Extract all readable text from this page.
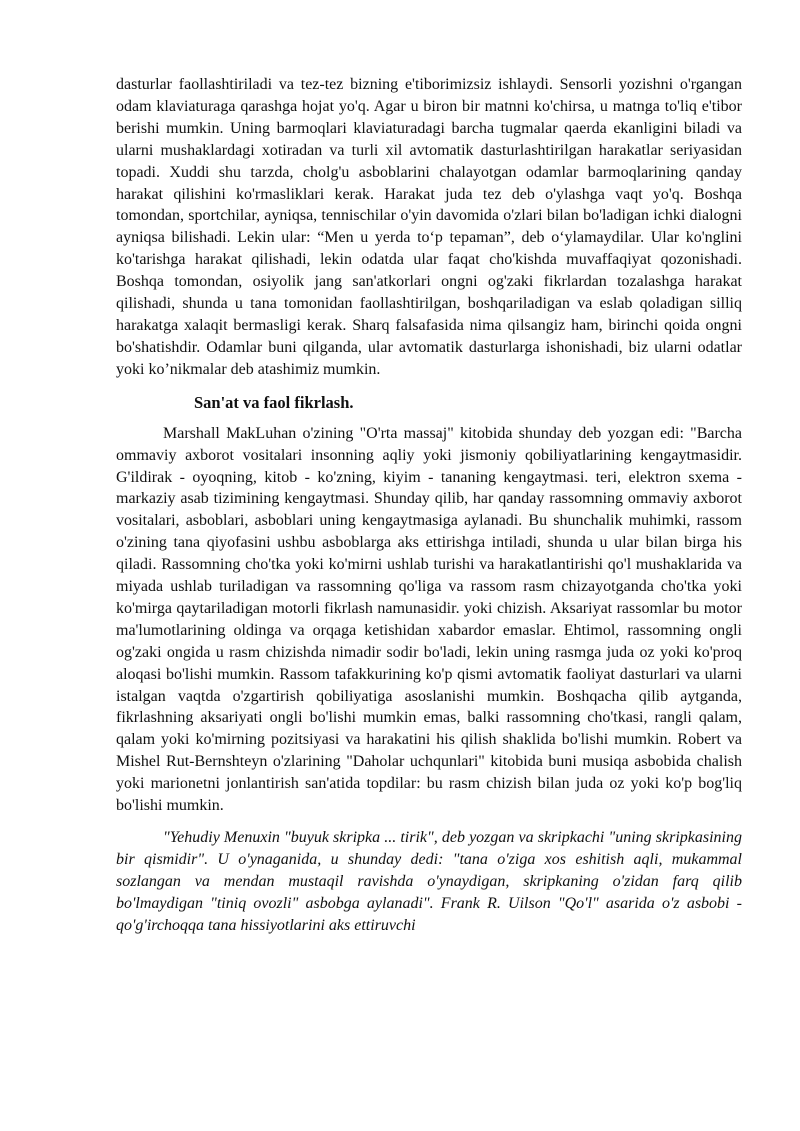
dasturlar faollashtiriladi va tez-tez bizning e'tiborimizsiz ishlaydi. Sensorli yozishni o'rgangan odam klaviaturaga qarashga hojat yo'q. Agar u biron bir matnni ko'chirsa, u matnga to'liq e'tibor berishi mumkin. Uning barmoqlari klaviaturadagi barcha tugmalar qaerda ekanligini biladi va ularni mushaklardagi xotiradan va turli xil avtomatik dasturlashtirilgan harakatlar seriyasidan topadi. Xuddi shu tarzda, cholg'u asboblarini chalayotgan odamlar barmoqlarining qanday harakat qilishini ko'rmasliklari kerak. Harakat juda tez deb o'ylashga vaqt yo'q. Boshqa tomondan, sportchilar, ayniqsa, tennischilar o'yin davomida o'zlari bilan bo'ladigan ichki dialogni ayniqsa bilishadi. Lekin ular: “Men u yerda to‘p tepaman”, deb o‘ylamaydilar. Ular ko'nglini ko'tarishga harakat qilishadi, lekin odatda ular faqat cho'kishda muvaffaqiyat qozonishadi. Boshqa tomondan, osiyolik jang san'atkorlari ongni og'zaki fikrlardan tozalashga harakat qilishadi, shunda u tana tomonidan faollashtirilgan, boshqariladigan va eslab qoladigan silliq harakatga xalaqit bermasligi kerak. Sharq falsafasida nima qilsangiz ham, birinchi qoida ongni bo'shatishdir. Odamlar buni qilganda, ular avtomatik dasturlarga ishonishadi, biz ularni odatlar yoki ko’nikmalar deb atashimiz mumkin.

San'at va faol fikrlash.

Marshall MakLuhan o'zining "O'rta massaj" kitobida shunday deb yozgan edi: "Barcha ommaviy axborot vositalari insonning aqliy yoki jismoniy qobiliyatlarining kengaytmasidir. G'ildirak - oyoqning, kitob - ko'zning, kiyim - tananing kengaytmasi. teri, elektron sxema - markaziy asab tizimining kengaytmasi. Shunday qilib, har qanday rassomning ommaviy axborot vositalari, asboblari, asboblari uning kengaytmasiga aylanadi. Bu shunchalik muhimki, rassom o'zining tana qiyofasini ushbu asboblarga aks ettirishga intiladi, shunda u ular bilan birga his qiladi. Rassomning cho'tka yoki ko'mirni ushlab turishi va harakatlantirishi qo'l mushaklarida va miyada ushlab turiladigan va rassomning qo'liga va rassom rasm chizayotganda cho'tka yoki ko'mirga qaytariladigan motorli fikrlash namunasidir. yoki chizish. Aksariyat rassomlar bu motor ma'lumotlarining oldinga va orqaga ketishidan xabardor emaslar. Ehtimol, rassomning ongli og'zaki ongida u rasm chizishda nimadir sodir bo'ladi, lekin uning rasmga juda oz yoki ko'proq aloqasi bo'lishi mumkin. Rassom tafakkurining ko'p qismi avtomatik faoliyat dasturlari va ularni istalgan vaqtda o'zgartirish qobiliyatiga asoslanishi mumkin. Boshqacha qilib aytganda, fikrlashning aksariyati ongli bo'lishi mumkin emas, balki rassomning cho'tkasi, rangli qalam, qalam yoki ko'mirning pozitsiyasi va harakatini his qilish shaklida bo'lishi mumkin. Robert va Mishel Rut-Bernshteyn o'zlarining "Daholar uchqunlari" kitobida buni musiqa asbobida chalish yoki marionetni jonlantirish san'atida topdilar: bu rasm chizish bilan juda oz yoki ko'p bog'liq bo'lishi mumkin.

"Yehudiy Menuxin "buyuk skripka ... tirik", deb yozgan va skripkachi "uning skripkasining bir qismidir". U o'ynaganida, u shunday dedi: "tana o'ziga xos eshitish aqli, mukammal sozlangan va mendan mustaqil ravishda o'ynaydigan, skripkaning o'zidan farq qilib bo'lmaydigan "tiniq ovozli" asbobga aylanadi". Frank R. Uilson "Qo'l" asarida o'z asbobi - qo'g'irchoqqa tana hissiyotlarini aks ettiruvchi
